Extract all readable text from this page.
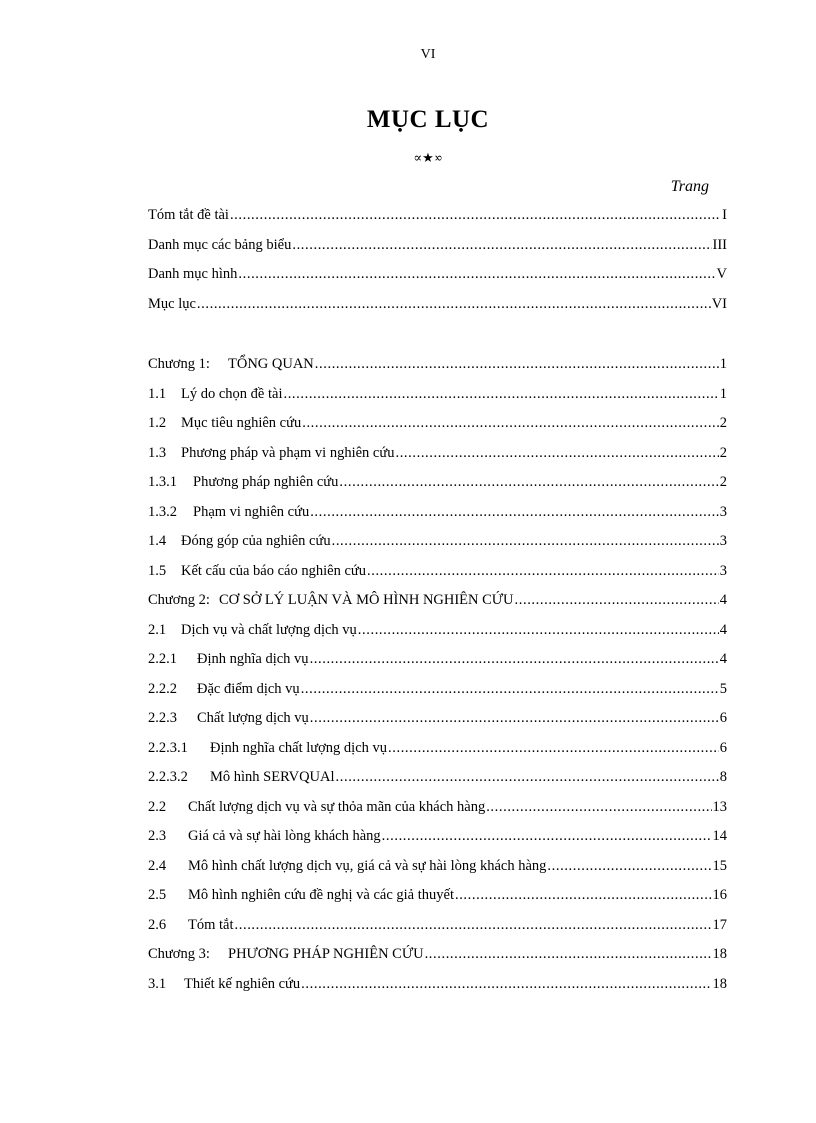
VI
MỤC LỤC
∝★∝
Trang
Tóm tắt đề tài .....	I
Danh mục các bảng biểu .....	III
Danh mục hình .....	V
Mục lục .....	VI
Chương 1: TỔNG QUAN .....	1
1.1 Lý do chọn đề tài .....	1
1.2 Mục tiêu nghiên cứu .....	2
1.3 Phương pháp và phạm vi nghiên cứu .....	2
1.3.1 Phương pháp nghiên cứu .....	2
1.3.2 Phạm vi nghiên cứu .....	3
1.4 Đóng góp của nghiên cứu .....	3
1.5 Kết cấu của báo cáo nghiên cứu .....	3
Chương 2: CƠ SỞ LÝ LUẬN VÀ MÔ HÌNH NGHIÊN CỨU .....	4
2.1 Dịch vụ và chất lượng dịch vụ .....	4
2.2.1 Định nghĩa dịch vụ .....	4
2.2.2 Đặc điểm dịch vụ .....	5
2.2.3 Chất lượng dịch vụ .....	6
2.2.3.1 Định nghĩa chất lượng dịch vụ .....	6
2.2.3.2 Mô hình SERVQUAl .....	8
2.2 Chất lượng dịch vụ và sự thỏa mãn của khách hàng .....	13
2.3 Giá cả và sự hài lòng khách hàng .....	14
2.4 Mô hình chất lượng dịch vụ, giá cả và sự hài lòng khách hàng .....	15
2.5 Mô hình nghiên cứu đề nghị và các giả thuyết .....	16
2.6 Tóm tắt .....	17
Chương 3: PHƯƠNG PHÁP NGHIÊN CỨU .....	18
3.1 Thiết kế nghiên cứu .....	18
